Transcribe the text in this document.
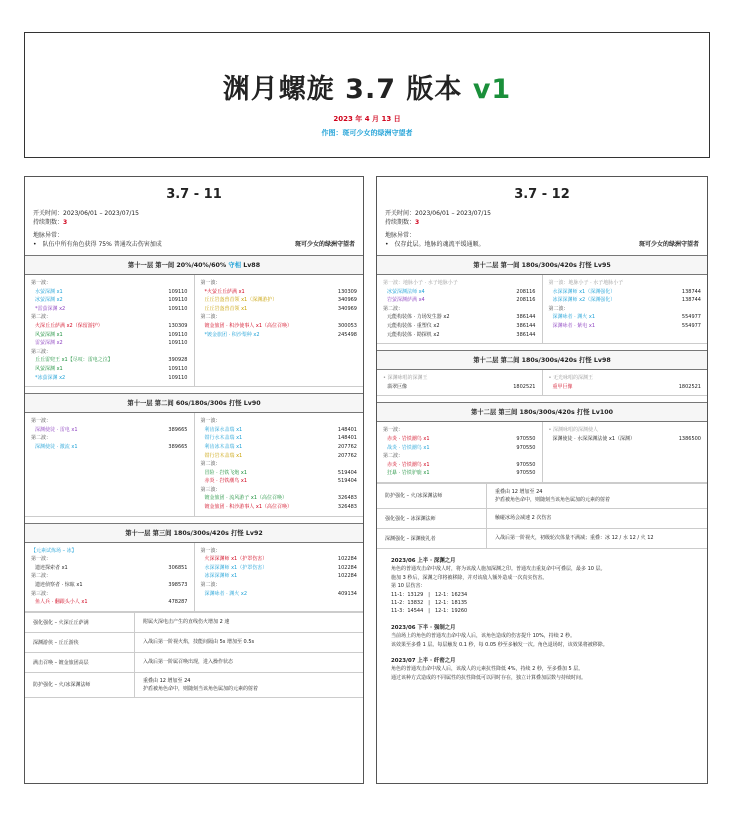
渊月螺旋 3.7 版本 v1
2023 年 4 月 13 日
作图：斑可少女的绿洲守望者
3.7 - 11
开关时间：2023/06/01 – 2023/07/15
持续期数：3
地脉异常：
•　队伍中所有角色获得 75% 普通攻击伤害加成	斑可少女的绿洲守望者
第十一层 第一间 20%/40%/60% 守相 Lv88
第一波：
水萤深渊 x1	109110
冰萤深渊 x2	109110
*雷萤深渊 x2	109110
第二波：
火深丘丘萨满 x2（保留游护）	130309
风萤深渊 x1	109110
雷萤深渊 x2	109110
第三波：
丘丘雷兜王 x1【尽叹：雷电之泣】	390928
风萤深渊 x1	109110
*冰萤深渊 x2	109110
第一波：
*火萤丘丘萨满 x1	130309
丘丘岩盔兽首领 x1（深渊游护）	340969
丘丘岩盔兽首领 x1	340969
第二波：
镀金旅团 · 积沙使事人 x1（高位召唤）	300053
*镀金旅团 · 积沙梨种 x2	245498
第十一层 第二间 60s/180s/300s 打怪 Lv90
第一波：
深渊使徒 · 雷电 x1	389665
第二波：
深渊使徒 · 激流 x1	389665
第一波：
利齿深水盖瑞 x1	148401
钳行水木盖瑞 x1	148401
利齿冰木盖瑞 x1	207762
钳行岩木盖瑞 x1	207762
第二波：
冒险 · 岩铁飞炮 x1	519404
赤炎 · 岩铁潮鸟 x1	519404
第三波：
镀金旅团 · 流风游子 x1（高位召唤）	326483
镀金旅团 · 积沙游事人 x1（高位召唤）	326483
第十一层 第三间 180s/300s/420s 打怪 Lv92
【元素试炼场 – 冰】
第一波：
遗迹探索者 x1	306851
第二波：
遗迹侦察者 · 惊眩 x1	398573
第三波：
鱼人兵 · 翻跟头小人 x1	478287
第一波：
火深深渊师 x1（护罩伤害）	102284
水深深渊师 x1（护罩伤害）	102284
冰深深渊师 x1	102284
第二波：
深渊咏者 · 渊火 x2	409134
强化强化 – 火深丘丘萨满	附属火深电击产生的直线伤火增加 2 速
深渊游侠 – 丘丘游侠	入战后第一阶视火焰，技能间隔由 5s 增加至 0.5s
满击召唤 – 镀金旅团高层	入战后第一阶属召唤出现，进入操作状态
防护强化 – 火/冰深渊法师
重叠由 12 增加至 24
护盾被角色命中，则随刻当该角色属加的元素的射着
3.7 - 12
开关时间：2023/06/01 – 2023/07/15
持续期数：3
地脉异常：
•　仅存此层。地脉的魂流平缓通顺。	斑可少女的绿洲守望者
第十二层 第一间 180s/300s/420s 打怪 Lv95
第一波：地脉小子 · 水子地脉小子
冰萤深渊法师 x4	208116
岩萤深渊萨满 x4	208116
第二波：
元能构装体 · 力场发生器 x2	386144
元能构装体 · 重塑仪 x2	386144
元能构装体 · 勘探机 x2	386144
第一波：地脉小子 · 水子地脉小子
水深深渊师 x1（深渊强化）	138744
冰深深渊师 x2（深渊强化）	138744
第二波：
深渊咏者 · 渊火 x1	554977
深渊咏者 · 紫电 x1	554977
第十二层 第二间 180s/300s/420s 打怪 Lv98
• 深渊咏唱的深渊王
翡翠巨像	1802521
• 无光咏唱的深渊王
重甲巨像	1802521
第十二层 第三间 180s/300s/420s 打怪 Lv100
第一波：
赤炎 · 岩铁潮鸟 x1	970550
战炎 · 岩铁潮鸟 x1	970550
第二波：
赤炎 · 岩铁潮鸟 x1	970550
狂暴 · 岩铁驴鹿 x1	970550
• 深渊咏唱的深渊使人
深渊使徒 · 水深深渊法使 x1（深渊）	1386500
防护强化 – 火/冰深渊法师
重叠由 12 增加至 24
护盾被角色命中，则随刻当该角色属加的元素的射着
强化强化 – 冰深渊法师	触碰冰场会减速 2 次伤害
深渊强化 – 深渊使礼者	入战后第一阶视火，初级轮次体量不满减；重叠：冰 12 / 水 12 / 火 12
2023/06 上半 · 深渊之月
角色的普通攻击命中敌人时，将为该敌人施加深渊之印。普通攻击重复命中可叠层，最多 10 层。
施加 3 秒后，深渊之印将被移除，并对该敌人额外造成一次真实伤害。
第 10 层伤害：
11-1：13129　|　12-1：16234
11-2：13832　|　12-1：18135
11-3：14544　|　12-1：19260
2023/06 下半 · 强制之月
当前场上的角色的普通攻击命中敌人后，该角色造成的伤害提升 10%，持续 2 秒。
该效果至多叠 1 层。每层触发 0.1 秒，每 0.05 秒至多触发一次。角色退场时，该效果将被移除。
2023/07 上半 · 纤密之月
角色的普通攻击命中敌人后，该敌人的元素抗性降低 4%，持续 2 秒，至多叠加 5 层。
通过该种方式造成的不同属性的抗性降低可以同时存在，独立计算叠加层数与持续时间。
